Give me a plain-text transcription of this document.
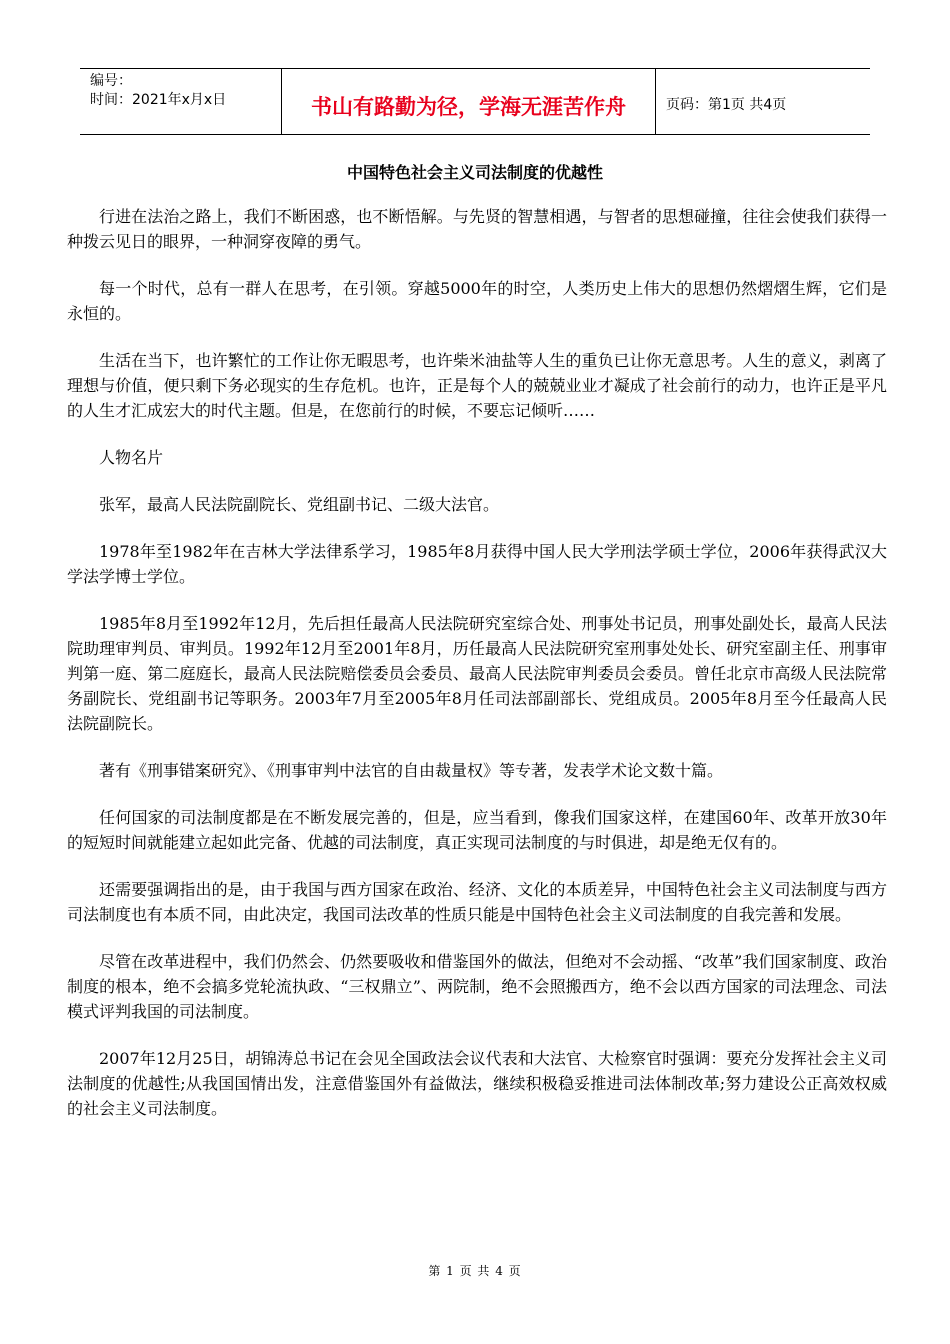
编号：
时间：2021年x月x日	书山有路勤为径，学海无涯苦作舟	页码：第1页 共4页
中国特色社会主义司法制度的优越性

行进在法治之路上，我们不断困惑，也不断悟解。与先贤的智慧相遇，与智者的思想碰撞，往往会使我们获得一种拨云见日的眼界，一种洞穿夜障的勇气。

每一个时代，总有一群人在思考，在引领。穿越5000年的时空，人类历史上伟大的思想仍然熠熠生辉，它们是永恒的。

生活在当下，也许繁忙的工作让你无暇思考，也许柴米油盐等人生的重负已让你无意思考。人生的意义，剥离了理想与价值，便只剩下务必现实的生存危机。也许，正是每个人的兢兢业业才凝成了社会前行的动力，也许正是平凡的人生才汇成宏大的时代主题。但是，在您前行的时候，不要忘记倾听……

人物名片

张军，最高人民法院副院长、党组副书记、二级大法官。

1978年至1982年在吉林大学法律系学习，1985年8月获得中国人民大学刑法学硕士学位，2006年获得武汉大学法学博士学位。

1985年8月至1992年12月，先后担任最高人民法院研究室综合处、刑事处书记员，刑事处副处长，最高人民法院助理审判员、审判员。1992年12月至2001年8月，历任最高人民法院研究室刑事处处长、研究室副主任、刑事审判第一庭、第二庭庭长，最高人民法院赔偿委员会委员、最高人民法院审判委员会委员。曾任北京市高级人民法院常务副院长、党组副书记等职务。2003年7月至2005年8月任司法部副部长、党组成员。2005年8月至今任最高人民法院副院长。

著有《刑事错案研究》、《刑事审判中法官的自由裁量权》等专著，发表学术论文数十篇。

任何国家的司法制度都是在不断发展完善的，但是，应当看到，像我们国家这样，在建国60年、改革开放30年的短短时间就能建立起如此完备、优越的司法制度，真正实现司法制度的与时俱进，却是绝无仅有的。

还需要强调指出的是，由于我国与西方国家在政治、经济、文化的本质差异，中国特色社会主义司法制度与西方司法制度也有本质不同，由此决定，我国司法改革的性质只能是中国特色社会主义司法制度的自我完善和发展。

尽管在改革进程中，我们仍然会、仍然要吸收和借鉴国外的做法，但绝对不会动摇、“改革”我们国家制度、政治制度的根本，绝不会搞多党轮流执政、“三权鼎立”、两院制，绝不会照搬西方，绝不会以西方国家的司法理念、司法模式评判我国的司法制度。

2007年12月25日，胡锦涛总书记在会见全国政法会议代表和大法官、大检察官时强调：要充分发挥社会主义司法制度的优越性;从我国国情出发，注意借鉴国外有益做法，继续积极稳妥推进司法体制改革;努力建设公正高效权威的社会主义司法制度。

第 1 页 共 4 页
